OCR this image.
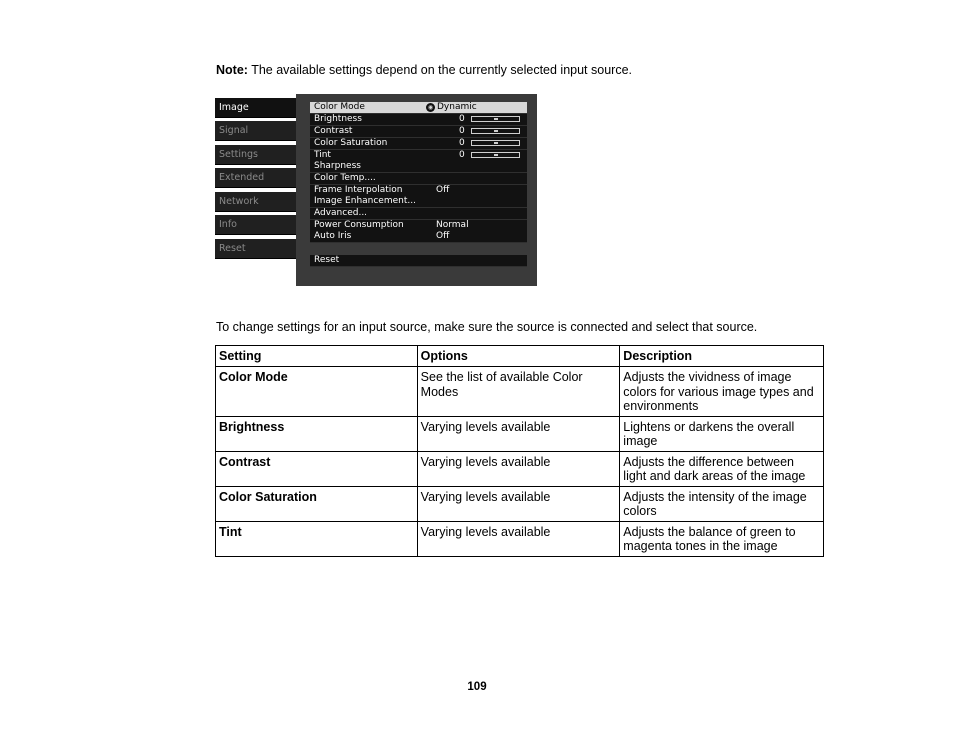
Note: The available settings depend on the currently selected input source.
Image
Signal
Settings
Extended
Network
Info
Reset
Color Mode	◉ Dynamic
Brightness	0
Contrast	0
Color Saturation	0
Tint	0
Sharpness
Color Temp....
Frame Interpolation	Off
Image Enhancement...
Advanced...
Power Consumption	Normal
Auto Iris	Off
Reset
To change settings for an input source, make sure the source is connected and select that source.
Setting	Options	Description
Color Mode	See the list of available Color Modes	Adjusts the vividness of image colors for various image types and environments
Brightness	Varying levels available	Lightens or darkens the overall image
Contrast	Varying levels available	Adjusts the difference between light and dark areas of the image
Color Saturation	Varying levels available	Adjusts the intensity of the image colors
Tint	Varying levels available	Adjusts the balance of green to magenta tones in the image
109
